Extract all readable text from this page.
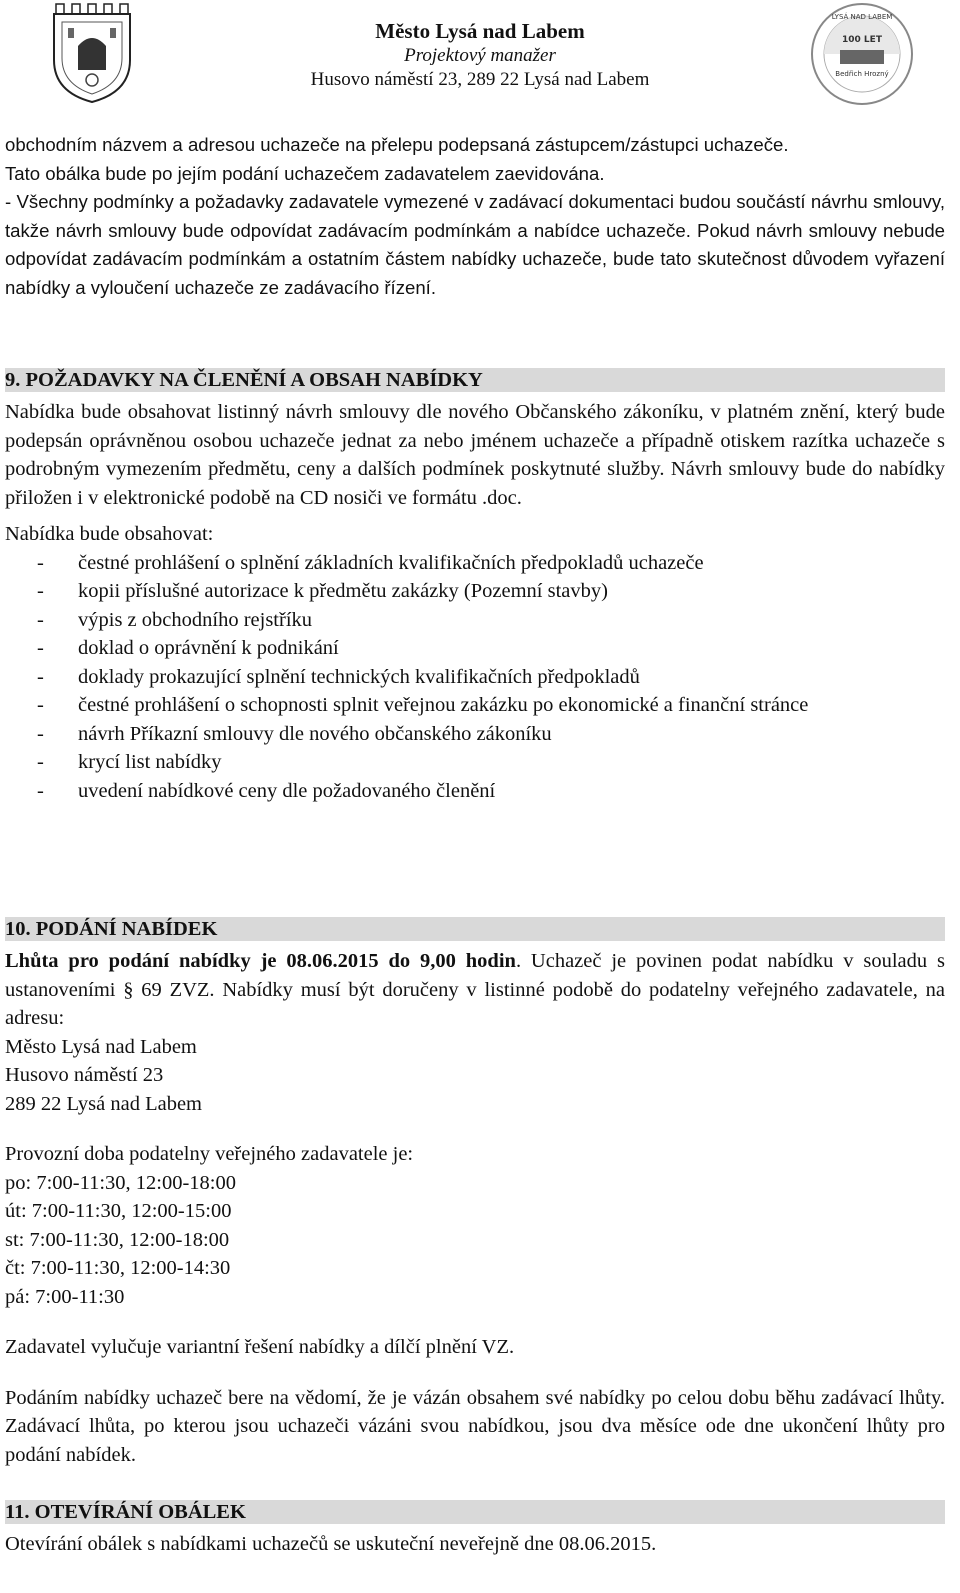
Město Lysá nad Labem
Projektový manažer
Husovo náměstí 23, 289 22 Lysá nad Labem
LYSÁ NAD LABEM
100 LET
Bedřich Hrozný

obchodním názvem a adresou uchazeče na přelepu podepsaná zástupcem/zástupci uchazeče.

Tato obálka bude po jejím podání uchazečem zadavatelem zaevidována.

- Všechny podmínky a požadavky zadavatele vymezené v zadávací dokumentaci budou součástí návrhu smlouvy, takže návrh smlouvy bude odpovídat zadávacím podmínkám a nabídce uchazeče. Pokud návrh smlouvy nebude odpovídat zadávacím podmínkám a ostatním částem nabídky uchazeče, bude tato skutečnost důvodem vyřazení nabídky a vyloučení uchazeče ze zadávacího řízení.

9. POŽADAVKY NA ČLENĚNÍ A OBSAH NABÍDKY

Nabídka bude obsahovat listinný návrh smlouvy dle nového Občanského zákoníku, v platném znění, který bude podepsán oprávněnou osobou uchazeče jednat za nebo jménem uchazeče a případně otiskem razítka uchazeče s podrobným vymezením předmětu, ceny a dalších podmínek poskytnuté služby. Návrh smlouvy bude do nabídky přiložen i v elektronické podobě na CD nosiči ve formátu .doc.

Nabídka bude obsahovat:

- čestné prohlášení o splnění základních kvalifikačních předpokladů uchazeče
- kopii příslušné autorizace k předmětu zakázky (Pozemní stavby)
- výpis z obchodního rejstříku
- doklad o oprávnění k podnikání
- doklady prokazující splnění technických kvalifikačních předpokladů
- čestné prohlášení o schopnosti splnit veřejnou zakázku po ekonomické a finanční stránce
- návrh Příkazní smlouvy dle nového občanského zákoníku
- krycí list nabídky
- uvedení nabídkové ceny dle požadovaného členění
10. PODÁNÍ NABÍDEK

Lhůta pro podání nabídky je 08.06.2015 do 9,00 hodin. Uchazeč je povinen podat nabídku v souladu s ustanoveními § 69 ZVZ. Nabídky musí být doručeny v listinné podobě do podatelny veřejného zadavatele, na adresu:

Město Lysá nad Labem

Husovo náměstí 23

289 22 Lysá nad Labem

Provozní doba podatelny veřejného zadavatele je:

po: 7:00-11:30, 12:00-18:00

út: 7:00-11:30, 12:00-15:00

st: 7:00-11:30, 12:00-18:00

čt: 7:00-11:30, 12:00-14:30

pá: 7:00-11:30

Zadavatel vylučuje variantní řešení nabídky a dílčí plnění VZ.

Podáním nabídky uchazeč bere na vědomí, že je vázán obsahem své nabídky po celou dobu běhu zadávací lhůty. Zadávací lhůta, po kterou jsou uchazeči vázáni svou nabídkou, jsou dva měsíce ode dne ukončení lhůty pro podání nabídek.

11. OTEVÍRÁNÍ OBÁLEK

Otevírání obálek s nabídkami uchazečů se uskuteční neveřejně dne 08.06.2015.
